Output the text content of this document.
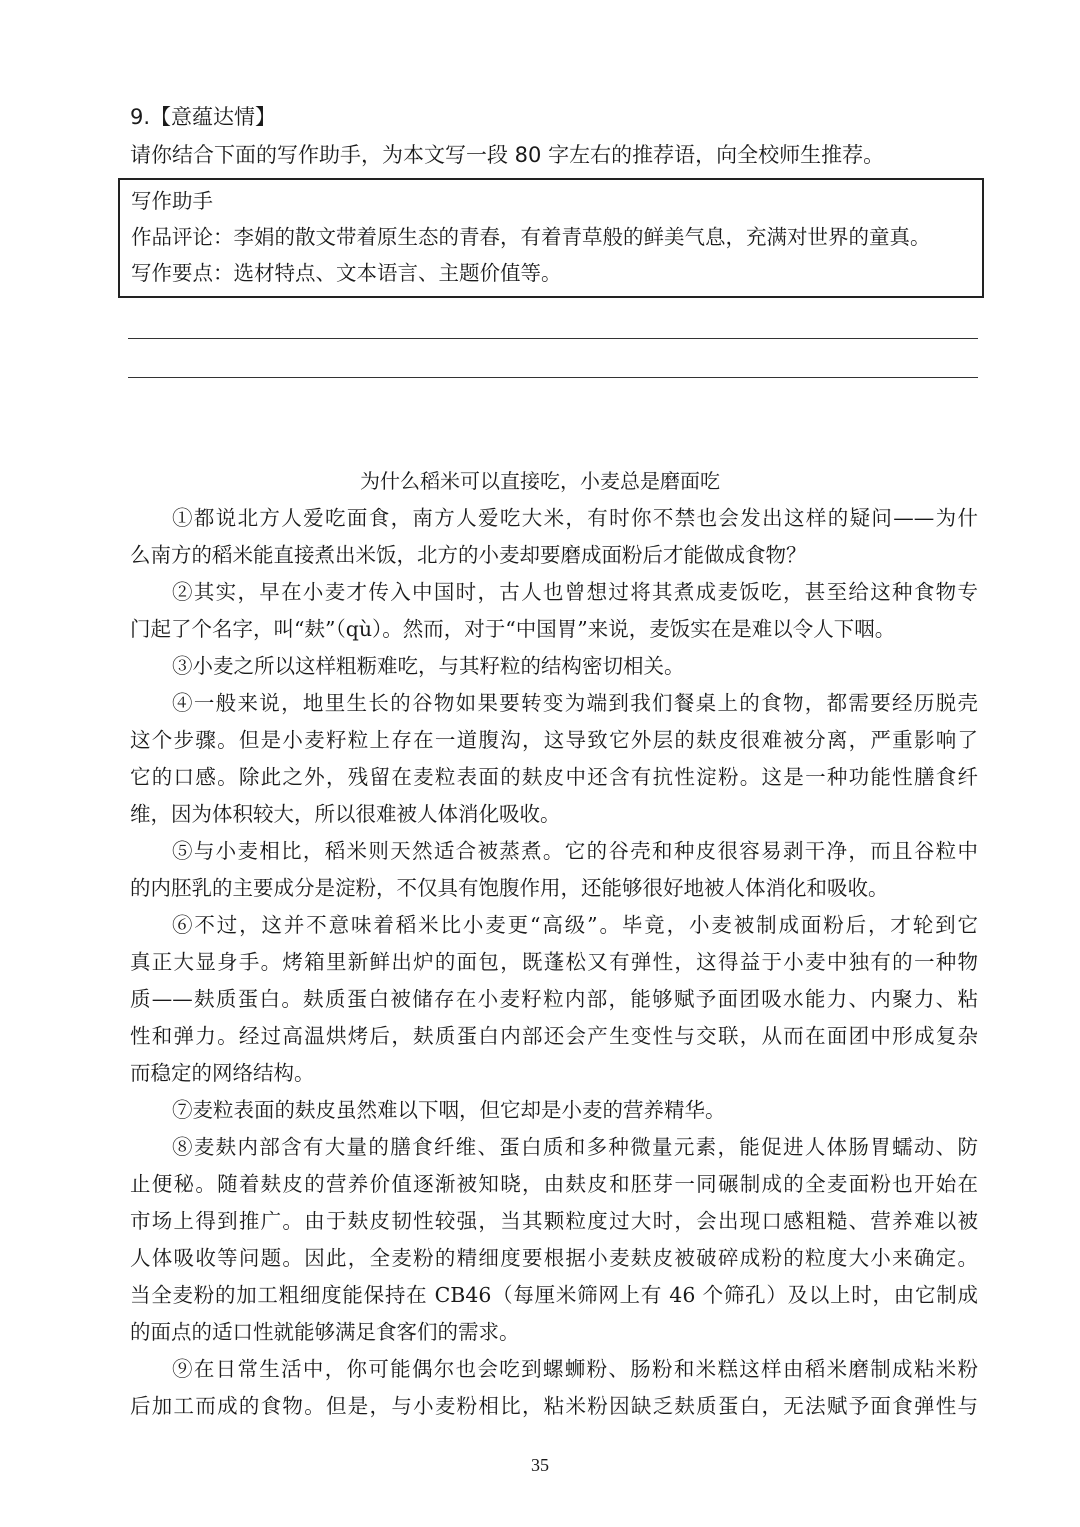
9.【意蕴达情】
请你结合下面的写作助手，为本文写一段 80 字左右的推荐语，向全校师生推荐。
写作助手
作品评论：李娟的散文带着原生态的青春，有着青草般的鲜美气息，充满对世界的童真。
写作要点：选材特点、文本语言、主题价值等。
为什么稻米可以直接吃，小麦总是磨面吃
①都说北方人爱吃面食，南方人爱吃大米，有时你不禁也会发出这样的疑问——为什
么南方的稻米能直接煮出米饭，北方的小麦却要磨成面粉后才能做成食物？
②其实，早在小麦才传入中国时，古人也曾想过将其煮成麦饭吃，甚至给这种食物专
门起了个名字，叫“麸”（qù）。然而，对于“中国胃”来说，麦饭实在是难以令人下咽。
③小麦之所以这样粗粝难吃，与其籽粒的结构密切相关。
④一般来说，地里生长的谷物如果要转变为端到我们餐桌上的食物，都需要经历脱壳
这个步骤。但是小麦籽粒上存在一道腹沟，这导致它外层的麸皮很难被分离，严重影响了
它的口感。除此之外，残留在麦粒表面的麸皮中还含有抗性淀粉。这是一种功能性膳食纤
维，因为体积较大，所以很难被人体消化吸收。
⑤与小麦相比，稻米则天然适合被蒸煮。它的谷壳和种皮很容易剥干净，而且谷粒中
的内胚乳的主要成分是淀粉，不仅具有饱腹作用，还能够很好地被人体消化和吸收。
⑥不过，这并不意味着稻米比小麦更“高级”。毕竟，小麦被制成面粉后，才轮到它
真正大显身手。烤箱里新鲜出炉的面包，既蓬松又有弹性，这得益于小麦中独有的一种物
质——麸质蛋白。麸质蛋白被储存在小麦籽粒内部，能够赋予面团吸水能力、内聚力、粘
性和弹力。经过高温烘烤后，麸质蛋白内部还会产生变性与交联，从而在面团中形成复杂
而稳定的网络结构。
⑦麦粒表面的麸皮虽然难以下咽，但它却是小麦的营养精华。
⑧麦麸内部含有大量的膳食纤维、蛋白质和多种微量元素，能促进人体肠胃蠕动、防
止便秘。随着麸皮的营养价值逐渐被知晓，由麸皮和胚芽一同碾制成的全麦面粉也开始在
市场上得到推广。由于麸皮韧性较强，当其颗粒度过大时，会出现口感粗糙、营养难以被
人体吸收等问题。因此，全麦粉的精细度要根据小麦麸皮被破碎成粉的粒度大小来确定。
当全麦粉的加工粗细度能保持在 CB46（每厘米筛网上有 46 个筛孔）及以上时，由它制成
的面点的适口性就能够满足食客们的需求。
⑨在日常生活中，你可能偶尔也会吃到螺蛳粉、肠粉和米糕这样由稻米磨制成粘米粉
后加工而成的食物。但是，与小麦粉相比，粘米粉因缺乏麸质蛋白，无法赋予面食弹性与
35
